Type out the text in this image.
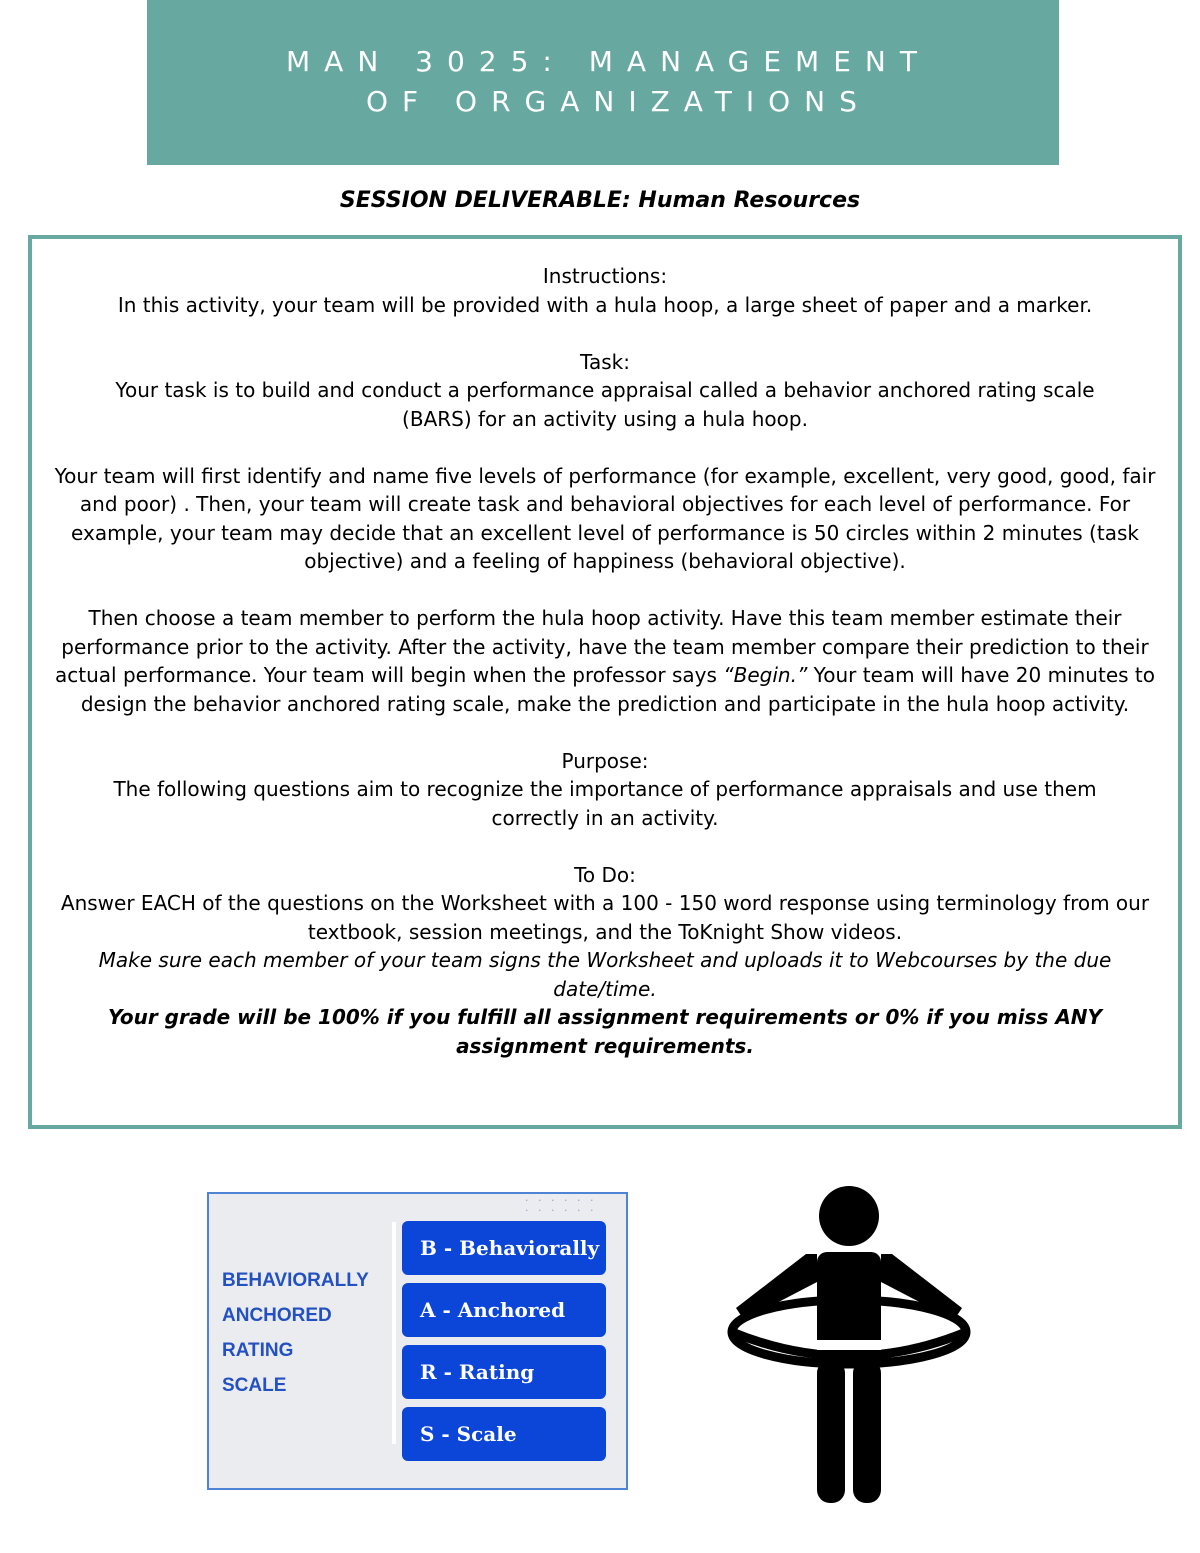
MAN 3025: MANAGEMENT
OF ORGANIZATIONS
SESSION DELIVERABLE: Human Resources

Instructions:

In this activity, your team will be provided with a hula hoop, a large sheet of paper and a marker.

Task:

Your task is to build and conduct a performance appraisal called a behavior anchored rating scale (BARS) for an activity using a hula hoop.

Your team will first identify and name five levels of performance (for example, excellent, very good, good, fair and poor) . Then, your team will create task and behavioral objectives for each level of performance. For example, your team may decide that an excellent level of performance is 50 circles within 2 minutes (task objective) and a feeling of happiness (behavioral objective).

Then choose a team member to perform the hula hoop activity. Have this team member estimate their performance prior to the activity. After the activity, have the team member compare their prediction to their actual performance. Your team will begin when the professor says “Begin.” Your team will have 20 minutes to design the behavior anchored rating scale, make the prediction and participate in the hula hoop activity.

Purpose:

The following questions aim to recognize the importance of performance appraisals and use them correctly in an activity.

To Do:

Answer EACH of the questions on the Worksheet with a 100 - 150 word response using terminology from our textbook, session meetings, and the ToKnight Show videos.

Make sure each member of your team signs the Worksheet and uploads it to Webcourses by the due date/time.

Your grade will be 100% if you fulfill all assignment requirements or 0% if you miss ANY assignment requirements.

· · · · · ·
· · · · · ·
BEHAVIORALLY
ANCHORED
RATING
SCALE
B - Behaviorally
A - Anchored
R - Rating
S - Scale
